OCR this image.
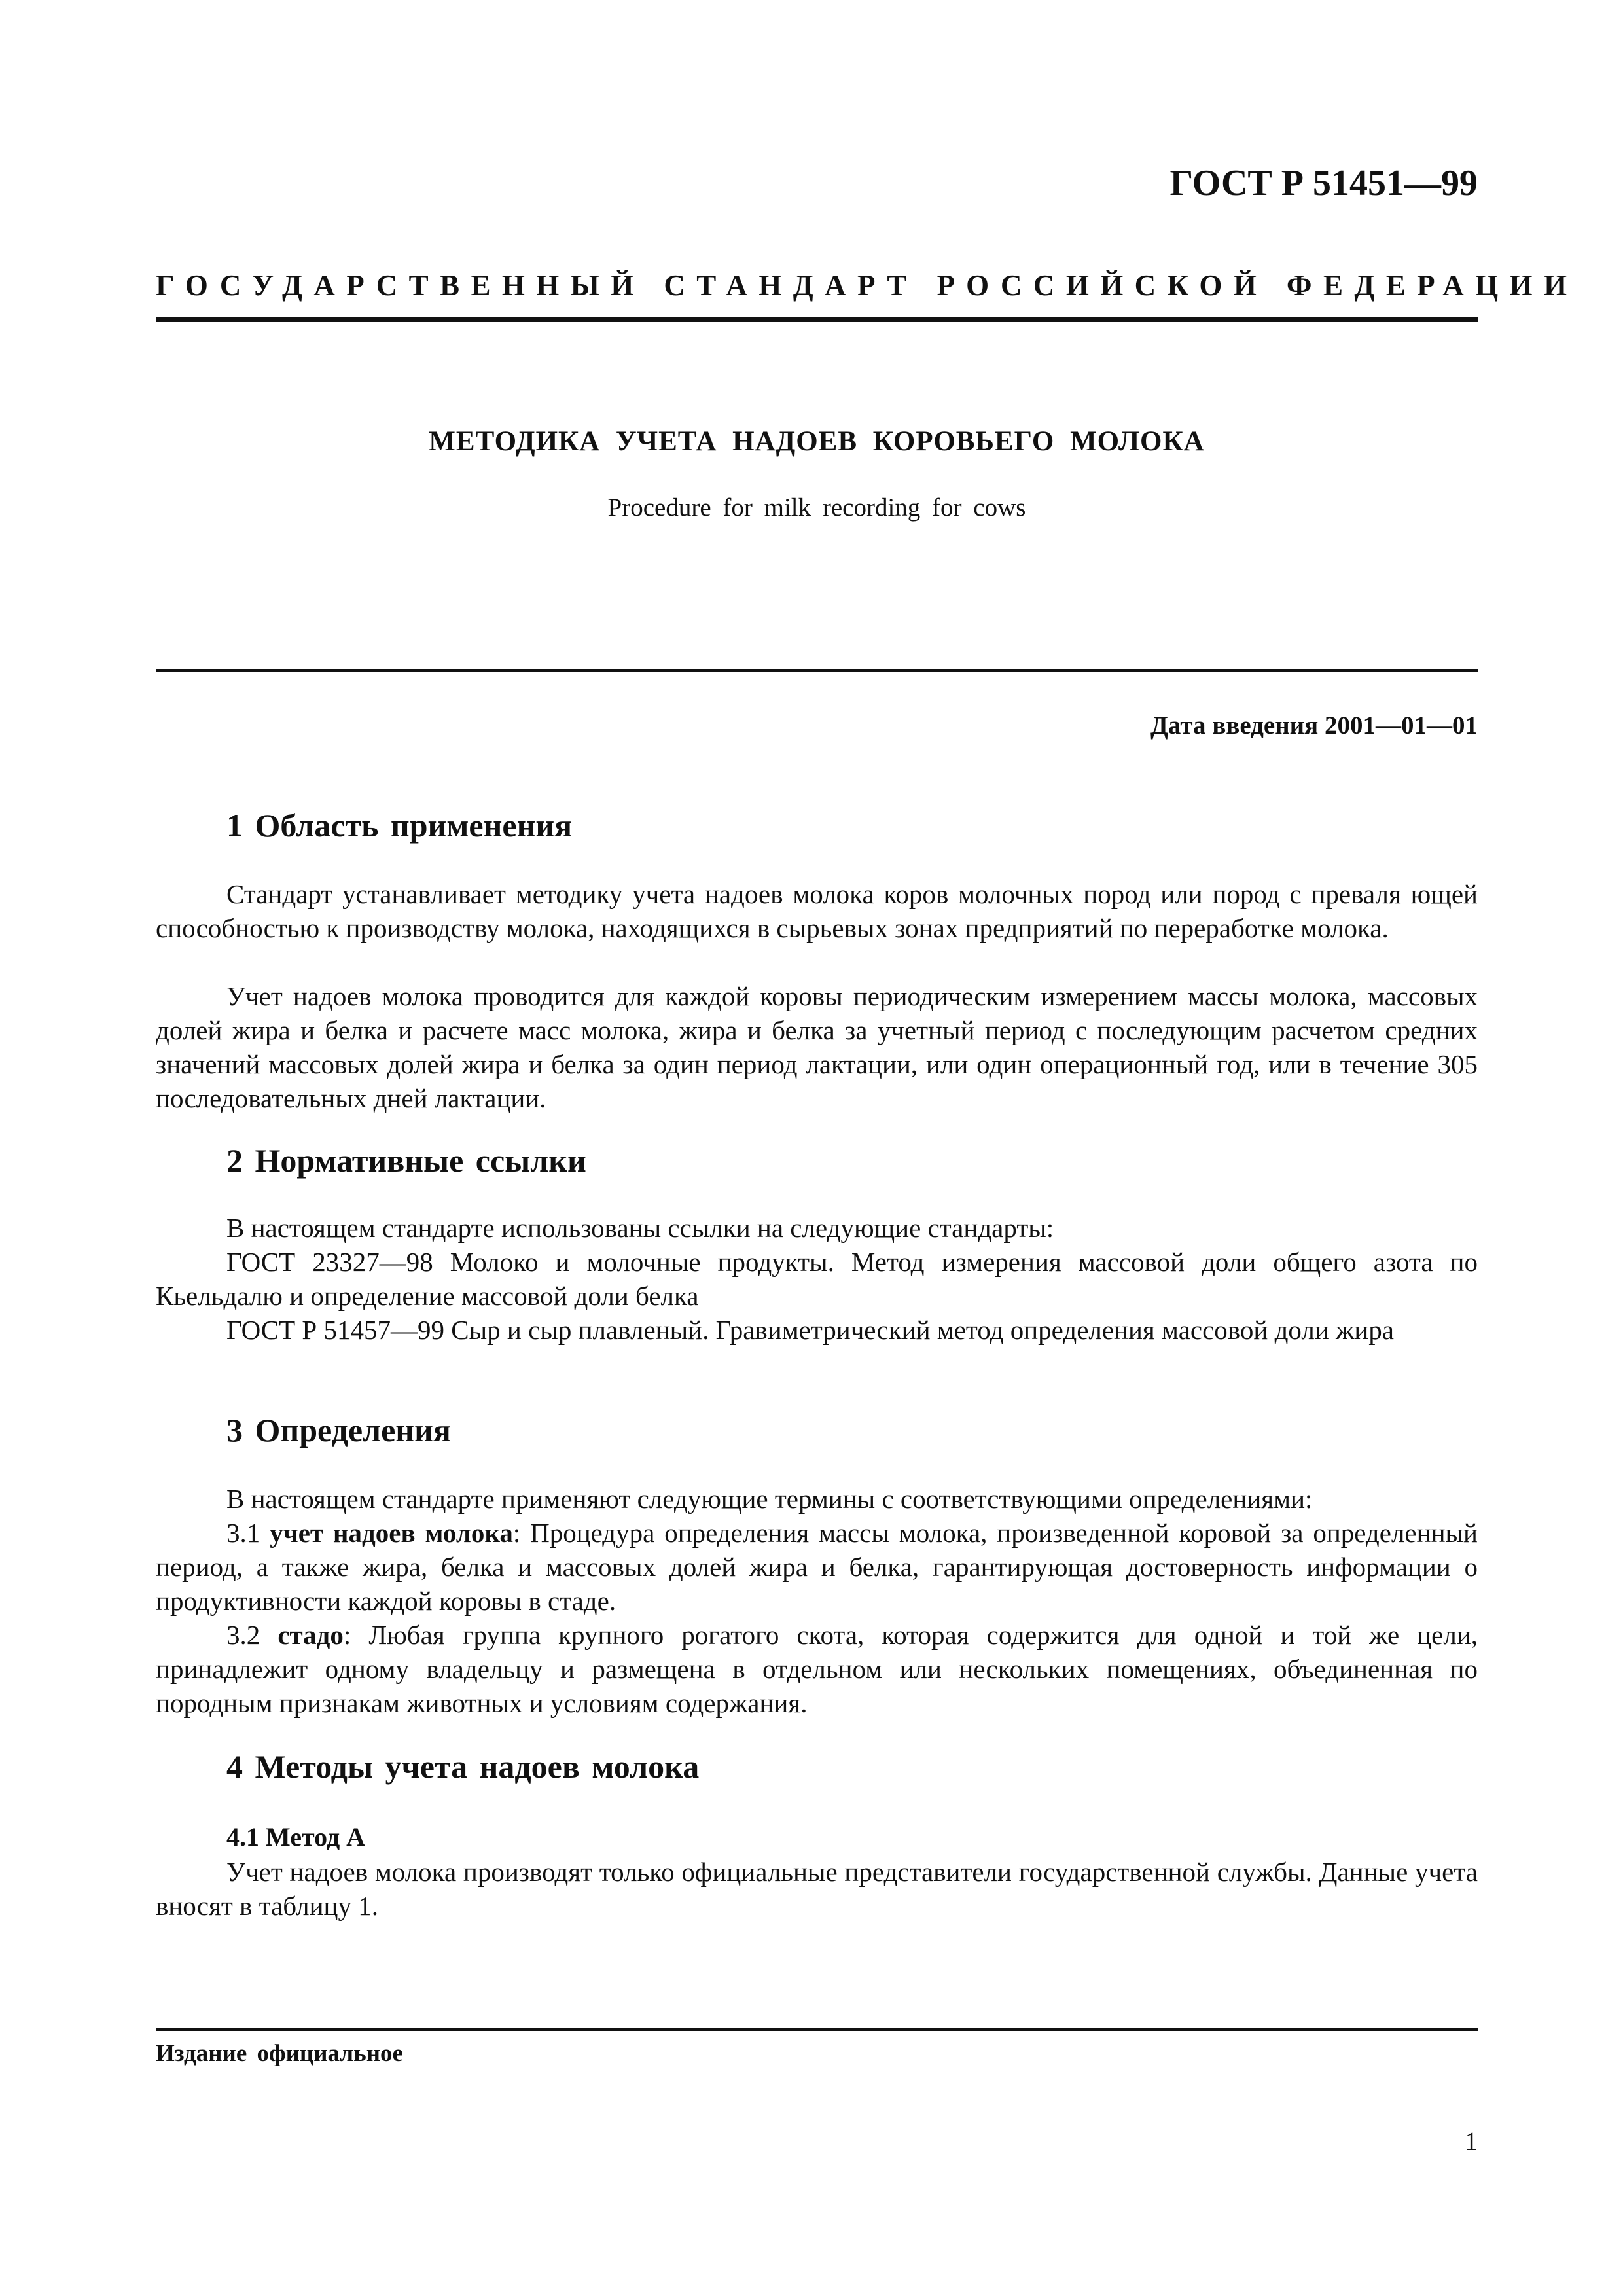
ГОСТ Р 51451—99
ГОСУДАРСТВЕННЫЙ СТАНДАРТ РОССИЙСКОЙ ФЕДЕРАЦИИ
МЕТОДИКА УЧЕТА НАДОЕВ КОРОВЬЕГО МОЛОКА
Procedure for milk recording for cows
Дата введения 2001—01—01
1 Область применения
Стандарт устанавливает методику учета надоев молока коров молочных пород или пород с преваля ющей способностью к производству молока, находящихся в сырьевых зонах предприятий по переработке молока.
Учет надоев молока проводится для каждой коровы периодическим измерением массы молока, массовых долей жира и белка и расчете масс молока, жира и белка за учетный период с последующим расчетом средних значений массовых долей жира и белка за один период лактации, или один операционный год, или в течение 305 последовательных дней лактации.
2 Нормативные ссылки
В настоящем стандарте использованы ссылки на следующие стандарты:
ГОСТ 23327—98 Молоко и молочные продукты. Метод измерения массовой доли общего азота по Кьельдалю и определение массовой доли белка
ГОСТ Р 51457—99 Сыр и сыр плавленый. Гравиметрический метод определения массовой доли жира
3 Определения
В настоящем стандарте применяют следующие термины с соответствующими определениями:
3.1 учет надоев молока: Процедура определения массы молока, произведенной коровой за определенный период, а также жира, белка и массовых долей жира и белка, гарантирующая достоверность информации о продуктивности каждой коровы в стаде.
3.2 стадо: Любая группа крупного рогатого скота, которая содержится для одной и той же цели, принадлежит одному владельцу и размещена в отдельном или нескольких помещениях, объединенная по породным признакам животных и условиям содержания.
4 Методы учета надоев молока
4.1 Метод А
Учет надоев молока производят только официальные представители государственной службы. Данные учета вносят в таблицу 1.
Издание официальное
1
